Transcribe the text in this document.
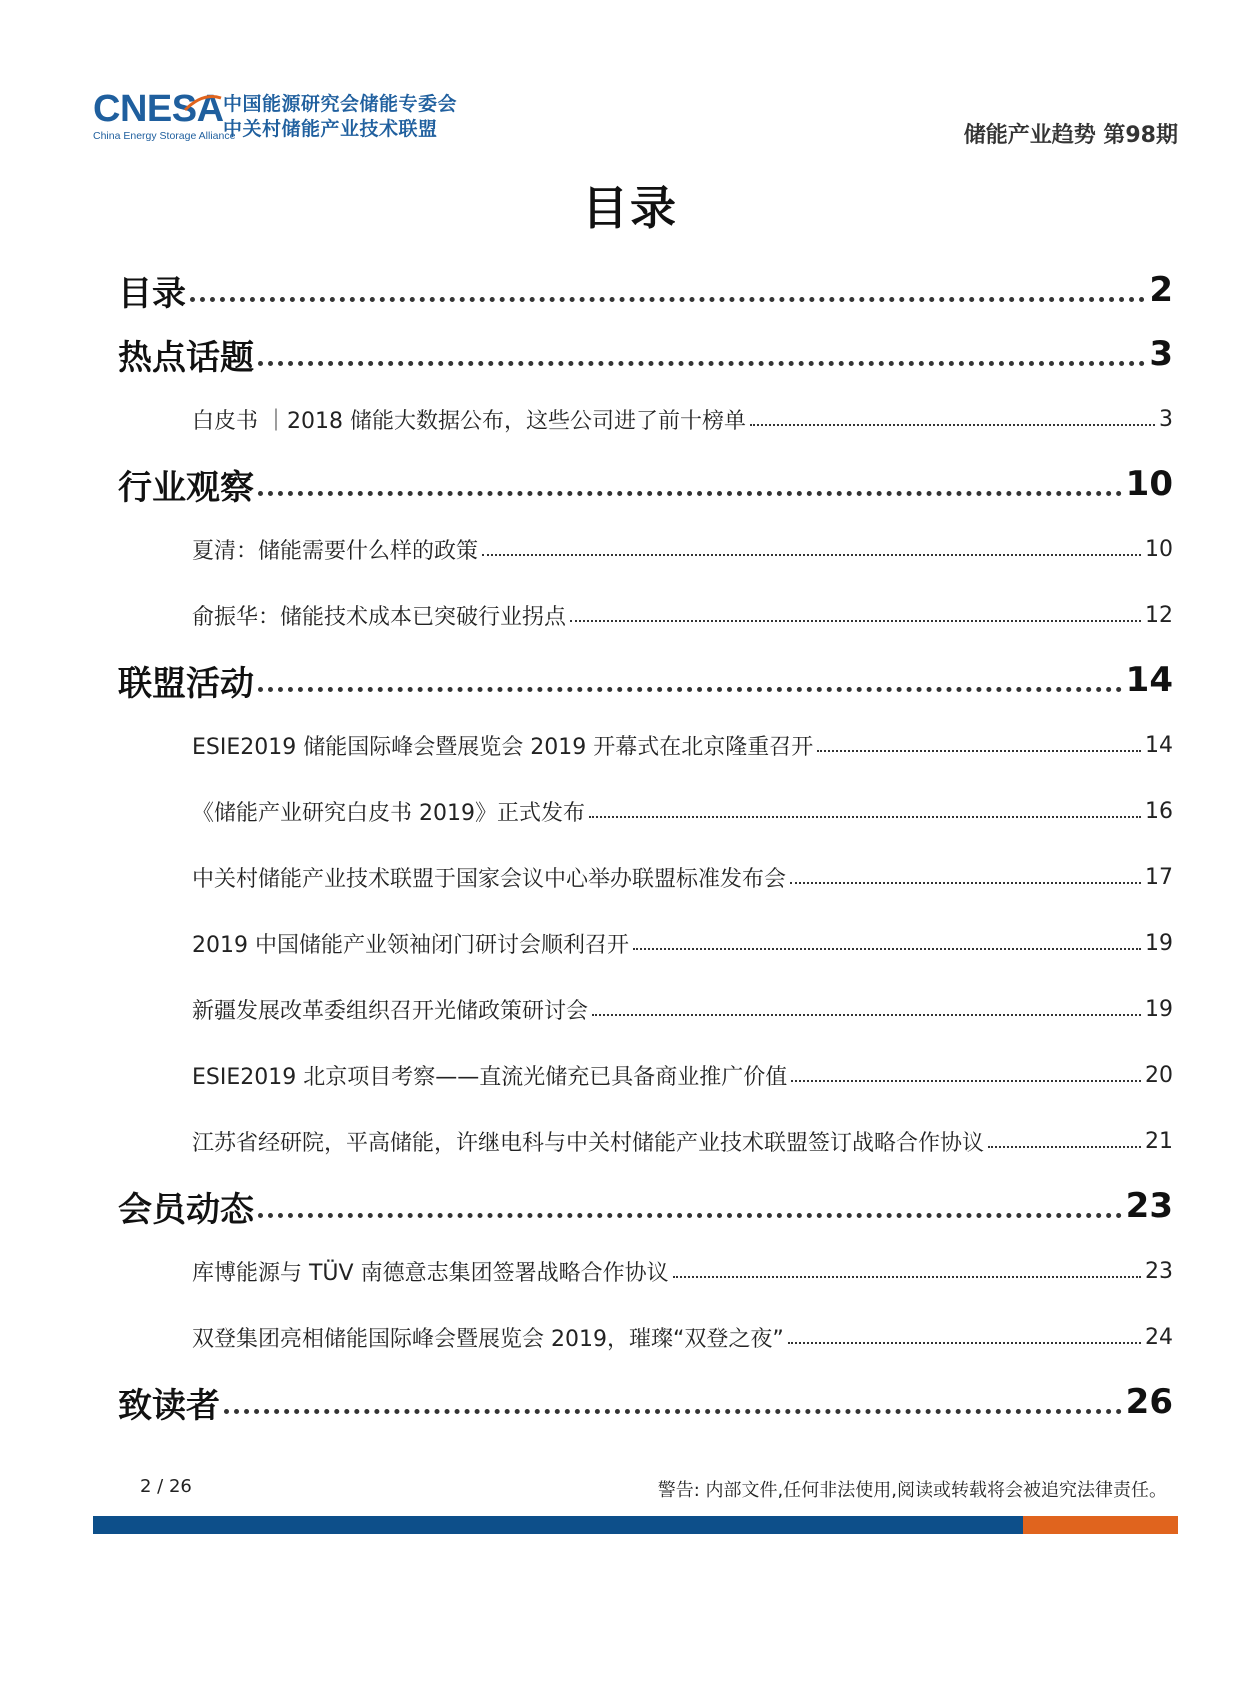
CNESA
China Energy Storage Alliance
中国能源研究会储能专委会
中关村储能产业技术联盟	储能产业趋势 第98期
目录
目录	2
热点话题	3
白皮书 ｜2018 储能大数据公布，这些公司进了前十榜单	3
行业观察	10
夏清：储能需要什么样的政策	10
俞振华：储能技术成本已突破行业拐点	12
联盟活动	14
ESIE2019 储能国际峰会暨展览会 2019 开幕式在北京隆重召开	14
《储能产业研究白皮书 2019》正式发布	16
中关村储能产业技术联盟于国家会议中心举办联盟标准发布会	17
2019 中国储能产业领袖闭门研讨会顺利召开	19
新疆发展改革委组织召开光储政策研讨会	19
ESIE2019 北京项目考察——直流光储充已具备商业推广价值	20
江苏省经研院，平高储能，许继电科与中关村储能产业技术联盟签订战略合作协议	21
会员动态	23
库博能源与 TÜV 南德意志集团签署战略合作协议	23
双登集团亮相储能国际峰会暨展览会 2019，璀璨“双登之夜”	24
致读者	26
2 / 26	警告: 内部文件,任何非法使用,阅读或转载将会被追究法律责任。
